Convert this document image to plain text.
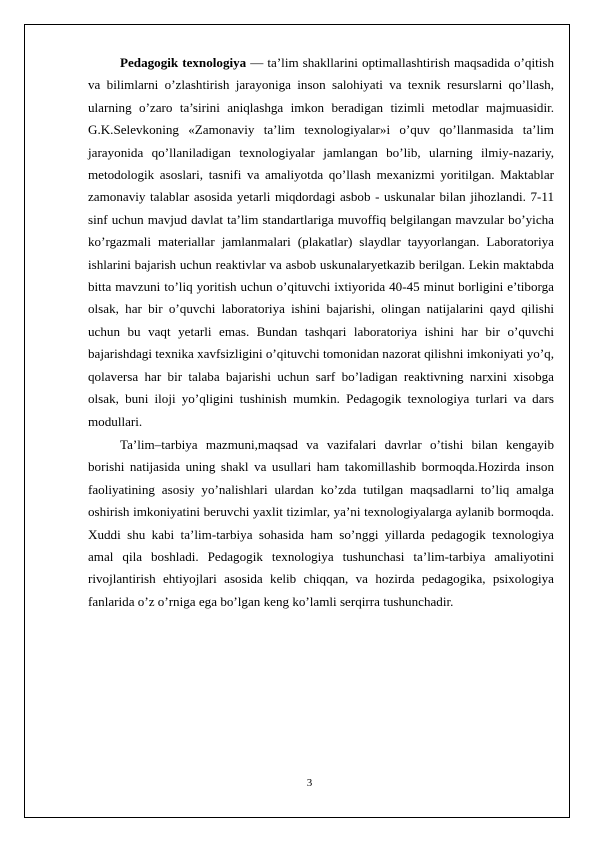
Pedagogik texnologiya — ta’lim shakllarini optimallashtirish maqsadida o’qitish va bilimlarni o’zlashtirish jarayoniga inson salohiyati va texnik resurslarni qo’llash, ularning o’zaro ta’sirini aniqlashga imkon beradigan tizimli metodlar majmuasidir. G.K.Selevkoning «Zamonaviy ta’lim texnologiyalar»i o’quv qo’llanmasida ta’lim jarayonida qo’llaniladigan texnologiyalar jamlangan bo’lib, ularning ilmiy-nazariy, metodologik asoslari, tasnifi va amaliyotda qo’llash mexanizmi yoritilgan. Maktablar zamonaviy talablar asosida yetarli miqdordagi asbob - uskunalar bilan jihozlandi. 7-11 sinf uchun mavjud davlat ta’lim standartlariga muvoffiq belgilangan mavzular bo’yicha ko’rgazmali materiallar jamlanmalari (plakatlar) slaydlar tayyorlangan. Laboratoriya ishlarini bajarish uchun reaktivlar va asbob uskunalaryetkazib berilgan. Lekin maktabda bitta mavzuni to’liq yoritish uchun o’qituvchi ixtiyorida 40-45 minut borligini e’tiborga olsak, har bir o’quvchi laboratoriya ishini bajarishi, olingan natijalarini qayd qilishi uchun bu vaqt yetarli emas. Bundan tashqari laboratoriya ishini har bir o’quvchi bajarishdagi texnika xavfsizligini o’qituvchi tomonidan nazorat qilishni imkoniyati yo’q, qolaversa har bir talaba bajarishi uchun sarf bo’ladigan reaktivning narxini xisobga olsak, buni iloji yo’qligini tushinish mumkin. Pedagogik texnologiya turlari va dars modullari.

Ta’lim–tarbiya mazmuni,maqsad va vazifalari davrlar o’tishi bilan kengayib borishi natijasida uning shakl va usullari ham takomillashib bormoqda.Hozirda inson faoliyatining asosiy yo’nalishlari ulardan ko’zda tutilgan maqsadlarni to’liq amalga oshirish imkoniyatini beruvchi yaxlit tizimlar, ya’ni texnologiyalarga aylanib bormoqda. Xuddi shu kabi ta’lim-tarbiya sohasida ham so’nggi yillarda pedagogik texnologiya amal qila boshladi. Pedagogik texnologiya tushunchasi ta’lim-tarbiya amaliyotini rivojlantirish ehtiyojlari asosida kelib chiqqan, va hozirda pedagogika, psixologiya fanlarida o’z o’rniga ega bo’lgan keng ko’lamli serqirra tushunchadir.

3
